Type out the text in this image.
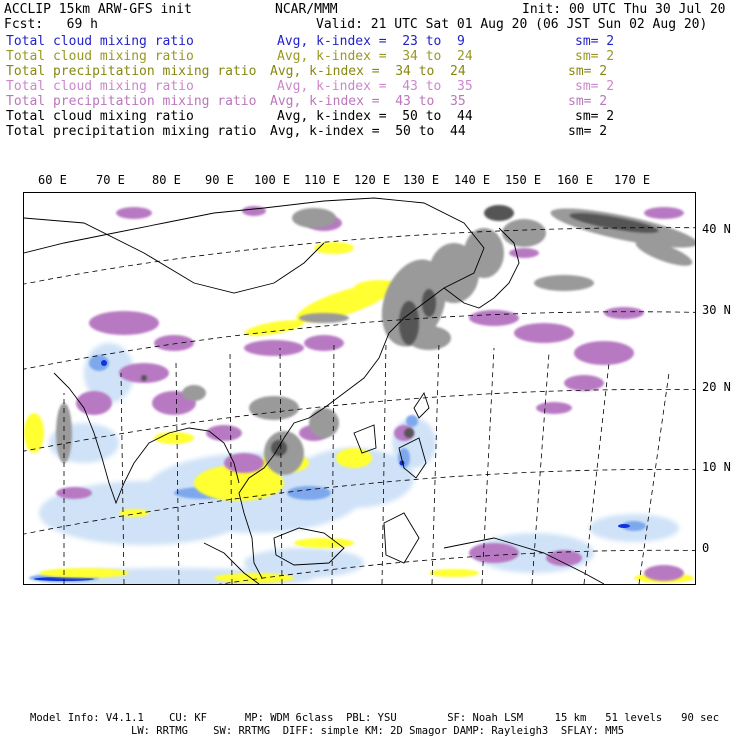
ACCLIP 15km ARW-GFS init	NCAR/MMM	Init: 00 UTC Thu 30 Jul 20
Fcst:   69 h	Valid: 21 UTC Sat 01 Aug 20 (06 JST Sun 02 Aug 20)
Total cloud mixing ratio	Avg, k-index =  23 to  9	sm= 2
Total cloud mixing ratio	Avg, k-index =  34 to  24	sm= 2
Total precipitation mixing ratio Avg, k-index =  34 to  24	sm= 2
Total cloud mixing ratio	Avg, k-index =  43 to  35	sm= 2
Total precipitation mixing ratio Avg, k-index =  43 to  35	sm= 2
Total cloud mixing ratio	Avg, k-index =  50 to  44	sm= 2
Total precipitation mixing ratio Avg, k-index =  50 to  44	sm= 2
60 E 70 E 80 E 90 E 100 E 110 E 120 E 130 E 140 E 150 E 160 E 170 E
40 N
30 N
20 N
10 N
0
Model Info: V4.1.1    CU: KF      MP: WDM 6class  PBL: YSU        SF: Noah LSM     15 km   51 levels   90 sec
LW: RRTMG    SW: RRTMG  DIFF: simple KM: 2D Smagor DAMP: Rayleigh3  SFLAY: MM5
